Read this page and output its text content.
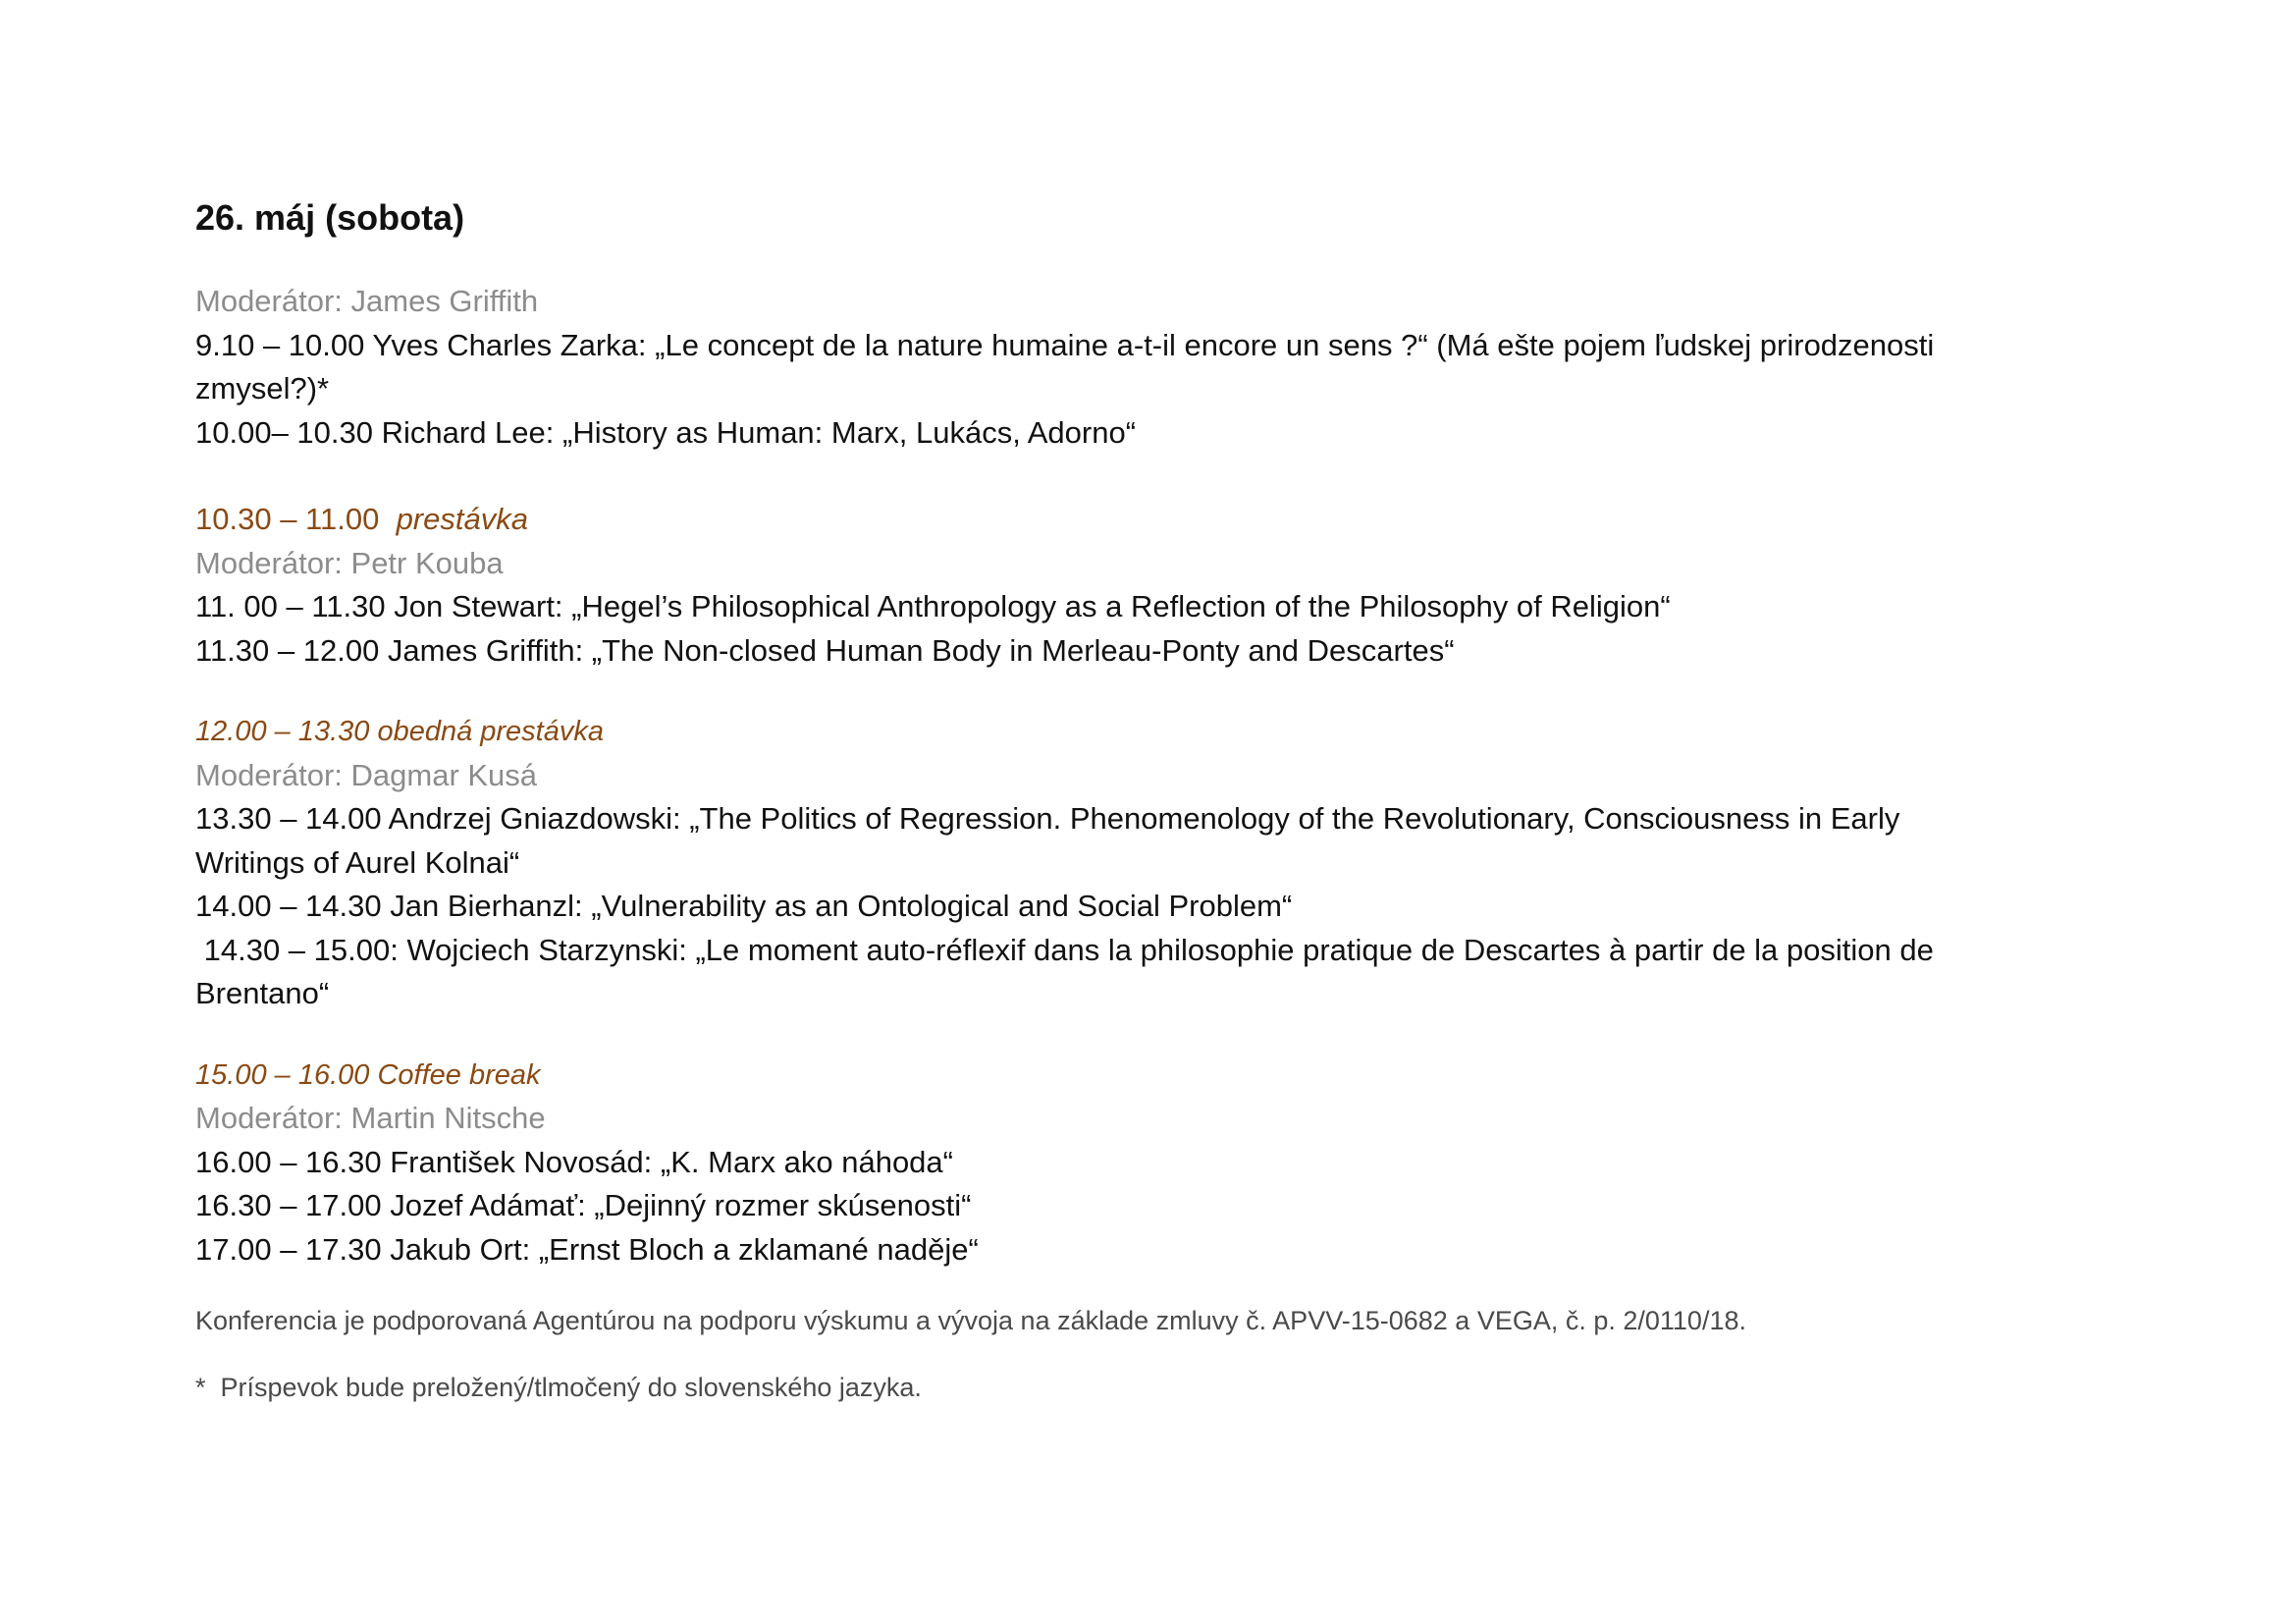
26. máj (sobota)

Moderátor: James Griffith

9.10 – 10.00 Yves Charles Zarka: „Le concept de la nature humaine a-t-il encore un sens ?“ (Má ešte pojem ľudskej prirodzenosti

zmysel?)*

10.00– 10.30 Richard Lee: „History as Human: Marx, Lukács, Adorno“

10.30 – 11.00 prestávka

Moderátor: Petr Kouba

11. 00 – 11.30 Jon Stewart: „Hegel’s Philosophical Anthropology as a Reflection of the Philosophy of Religion“

11.30 – 12.00 James Griffith: „The Non-closed Human Body in Merleau-Ponty and Descartes“

12.00 – 13.30 obedná prestávka

Moderátor: Dagmar Kusá

13.30 – 14.00 Andrzej Gniazdowski: „The Politics of Regression. Phenomenology of the Revolutionary, Consciousness in Early

Writings of Aurel Kolnai“

14.00 – 14.30 Jan Bierhanzl: „Vulnerability as an Ontological and Social Problem“

14.30 – 15.00: Wojciech Starzynski: „Le moment auto-réflexif dans la philosophie pratique de Descartes à partir de la position de

Brentano“

15.00 – 16.00 Coffee break

Moderátor: Martin Nitsche

16.00 – 16.30 František Novosád: „K. Marx ako náhoda“

16.30 – 17.00 Jozef Adámať: „Dejinný rozmer skúsenosti“

17.00 – 17.30 Jakub Ort: „Ernst Bloch a zklamané naděje“

Konferencia je podporovaná Agentúrou na podporu výskumu a vývoja na základe zmluvy č. APVV-15-0682 a VEGA, č. p. 2/0110/18.

*  Príspevok bude preložený/tlmočený do slovenského jazyka.
